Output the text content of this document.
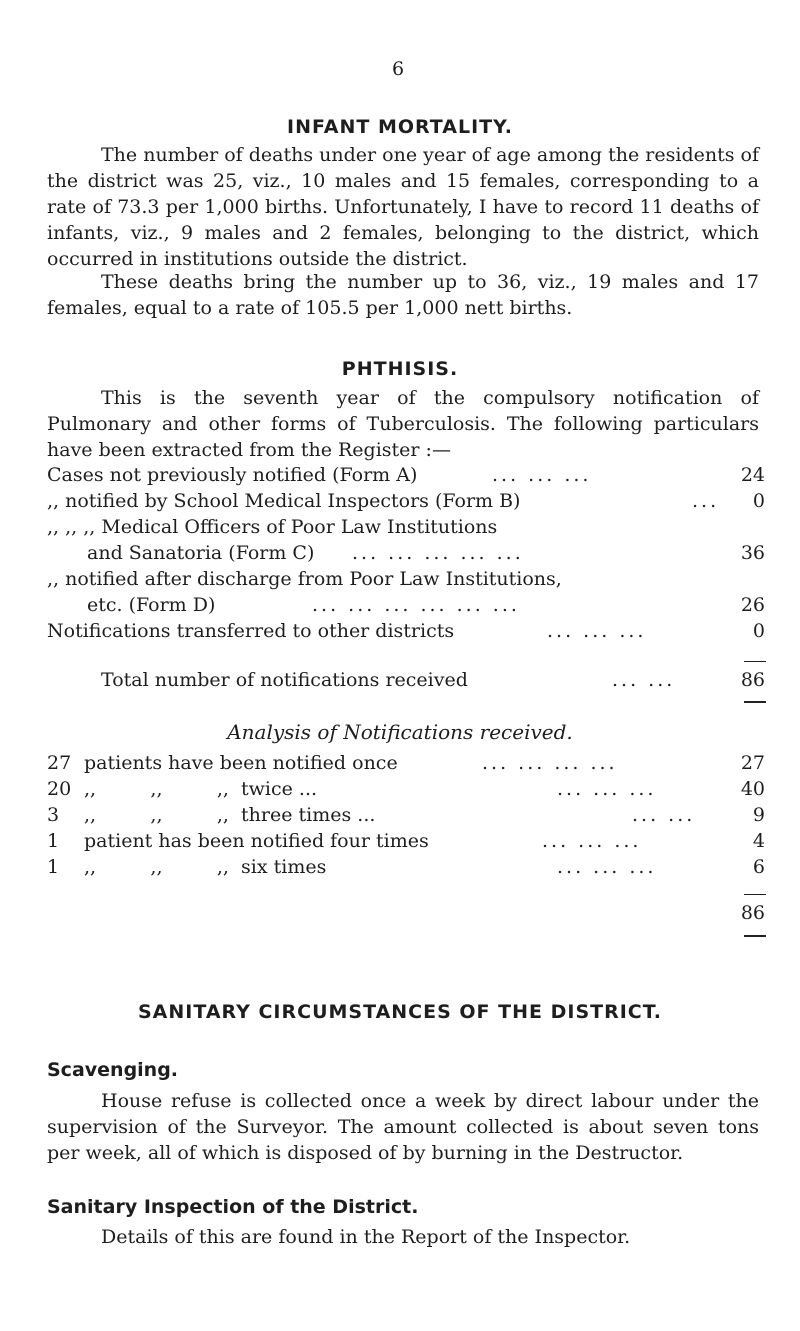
6
INFANT MORTALITY.

The number of deaths under one year of age among the residents of the district was 25, viz., 10 males and 15 females, corresponding to a rate of 73.3 per 1,000 births. Unfortunately, I have to record 11 deaths of infants, viz., 9 males and 2 females, belonging to the district, which occurred in institutions outside the district.

These deaths bring the number up to 36, viz., 19 males and 17 females, equal to a rate of 105.5 per 1,000 nett births.

PHTHISIS.

This is the seventh year of the compulsory notification of Pulmonary and other forms of Tuberculosis. The following particulars have been extracted from the Register :—

Cases not previously notified (Form A)	... ... ...	24
,, notified by School Medical Inspectors (Form B)	... 0
,, ,, ,, Medical Officers of Poor Law Institutions
and Sanatoria (Form C) ... ... ... ... ...	36
,, notified after discharge from Poor Law Institutions,
etc. (Form D)	... ... ... ... ... ...	26
Notifications transferred to other districts	... ... ...	0
Total number of notifications received	... ...	86
Analysis of Notifications received.
27 patients have been notified once	... ... ... ...	27
20 ,,         ,,         ,,  twice ...	... ... ...	40
3 ,,         ,,         ,,  three times ...	... ...	9
1 patient has been notified four times	... ... ...	4
1 ,,         ,,         ,,  six times	... ... ...	6
86
SANITARY CIRCUMSTANCES OF THE DISTRICT.
Scavenging.

House refuse is collected once a week by direct labour under the supervision of the Surveyor. The amount collected is about seven tons per week, all of which is disposed of by burning in the Destructor.

Sanitary Inspection of the District.

Details of this are found in the Report of the Inspector.
